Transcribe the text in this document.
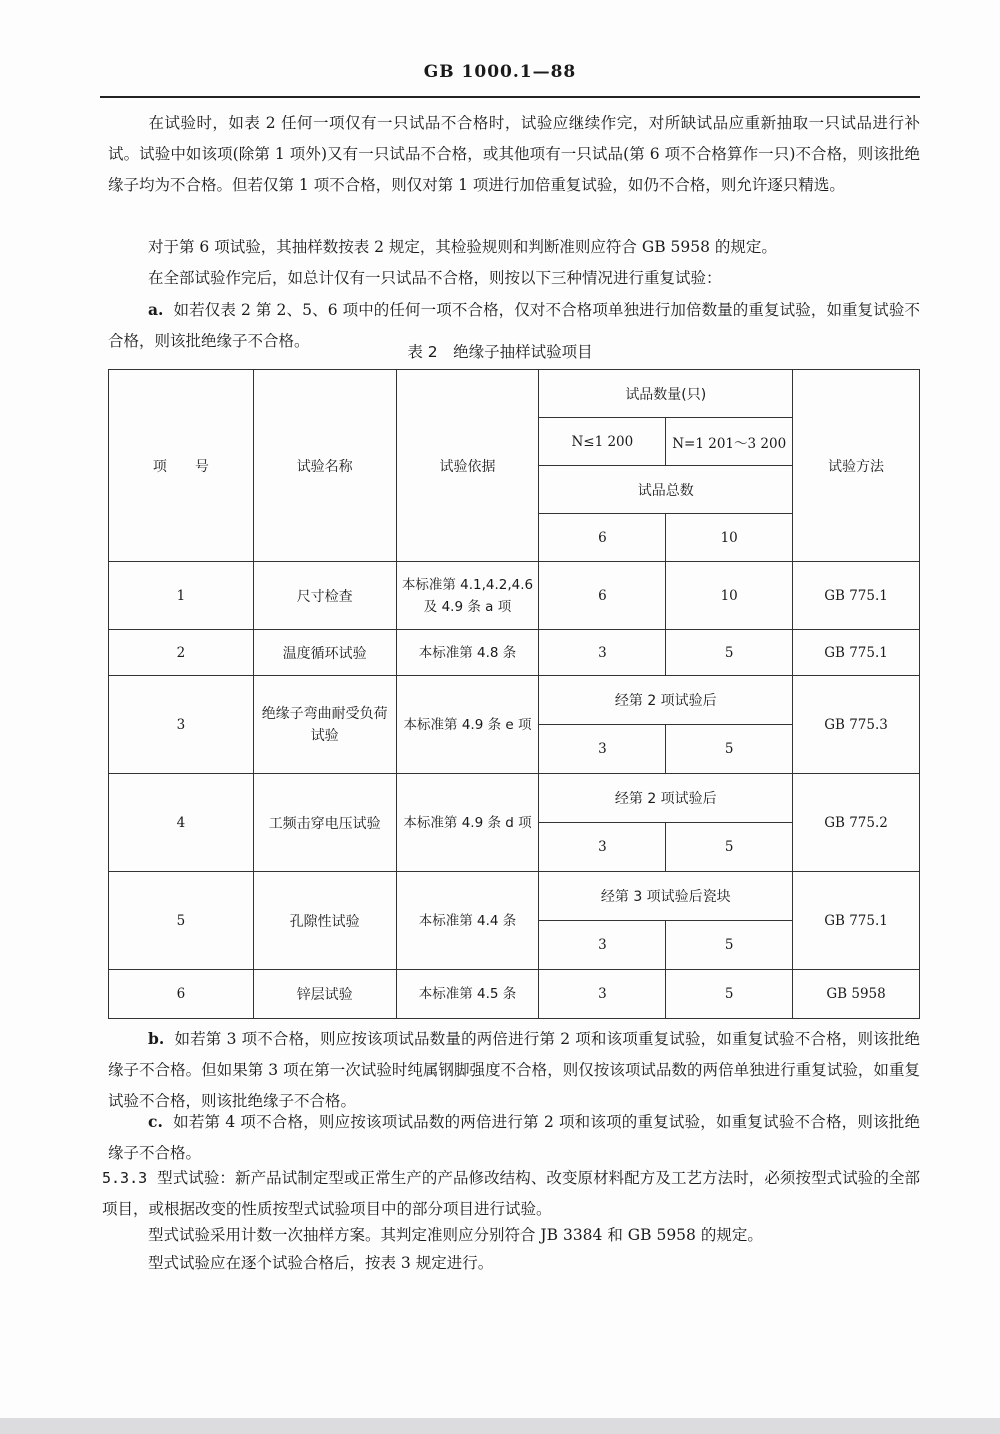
GB 1000.1—88

在试验时，如表 2 任何一项仅有一只试品不合格时，试验应继续作完，对所缺试品应重新抽取一只试品进行补试。试验中如该项(除第 1 项外)又有一只试品不合格，或其他项有一只试品(第 6 项不合格算作一只)不合格，则该批绝缘子均为不合格。但若仅第 1 项不合格，则仅对第 1 项进行加倍重复试验，如仍不合格，则允许逐只精选。

对于第 6 项试验，其抽样数按表 2 规定，其检验规则和判断准则应符合 GB 5958 的规定。

在全部试验作完后，如总计仅有一只试品不合格，则按以下三种情况进行重复试验：

a. 如若仅表 2 第 2、5、6 项中的任何一项不合格，仅对不合格项单独进行加倍数量的重复试验，如重复试验不合格，则该批绝缘子不合格。

表 2　绝缘子抽样试验项目
项　　号	试验名称	试验依据	试品数量(只)		试验方法
			N≤1 200	N=1 201～3 200	
			试品总数		
			6	10	
1	尺寸检查	本标准第 4.1,4.2,4.6 及 4.9 条 a 项	6	10	GB 775.1
2	温度循环试验	本标准第 4.8 条	3	5	GB 775.1
3	绝缘子弯曲耐受负荷试验	本标准第 4.9 条 e 项	经第 2 项试验后		GB 775.3
			3	5	
4	工频击穿电压试验	本标准第 4.9 条 d 项	经第 2 项试验后		GB 775.2
			3	5	
5	孔隙性试验	本标准第 4.4 条	经第 3 项试验后瓷块		GB 775.1
			3	5	
6	锌层试验	本标准第 4.5 条	3	5	GB 5958

b. 如若第 3 项不合格，则应按该项试品数量的两倍进行第 2 项和该项重复试验，如重复试验不合格，则该批绝缘子不合格。但如果第 3 项在第一次试验时纯属钢脚强度不合格，则仅按该项试品数的两倍单独进行重复试验，如重复试验不合格，则该批绝缘子不合格。

c. 如若第 4 项不合格，则应按该项试品数的两倍进行第 2 项和该项的重复试验，如重复试验不合格，则该批绝缘子不合格。

5.3.3 型式试验：新产品试制定型或正常生产的产品修改结构、改变原材料配方及工艺方法时，必须按型式试验的全部项目，或根据改变的性质按型式试验项目中的部分项目进行试验。

型式试验采用计数一次抽样方案。其判定准则应分别符合 JB 3384 和 GB 5958 的规定。

型式试验应在逐个试验合格后，按表 3 规定进行。
